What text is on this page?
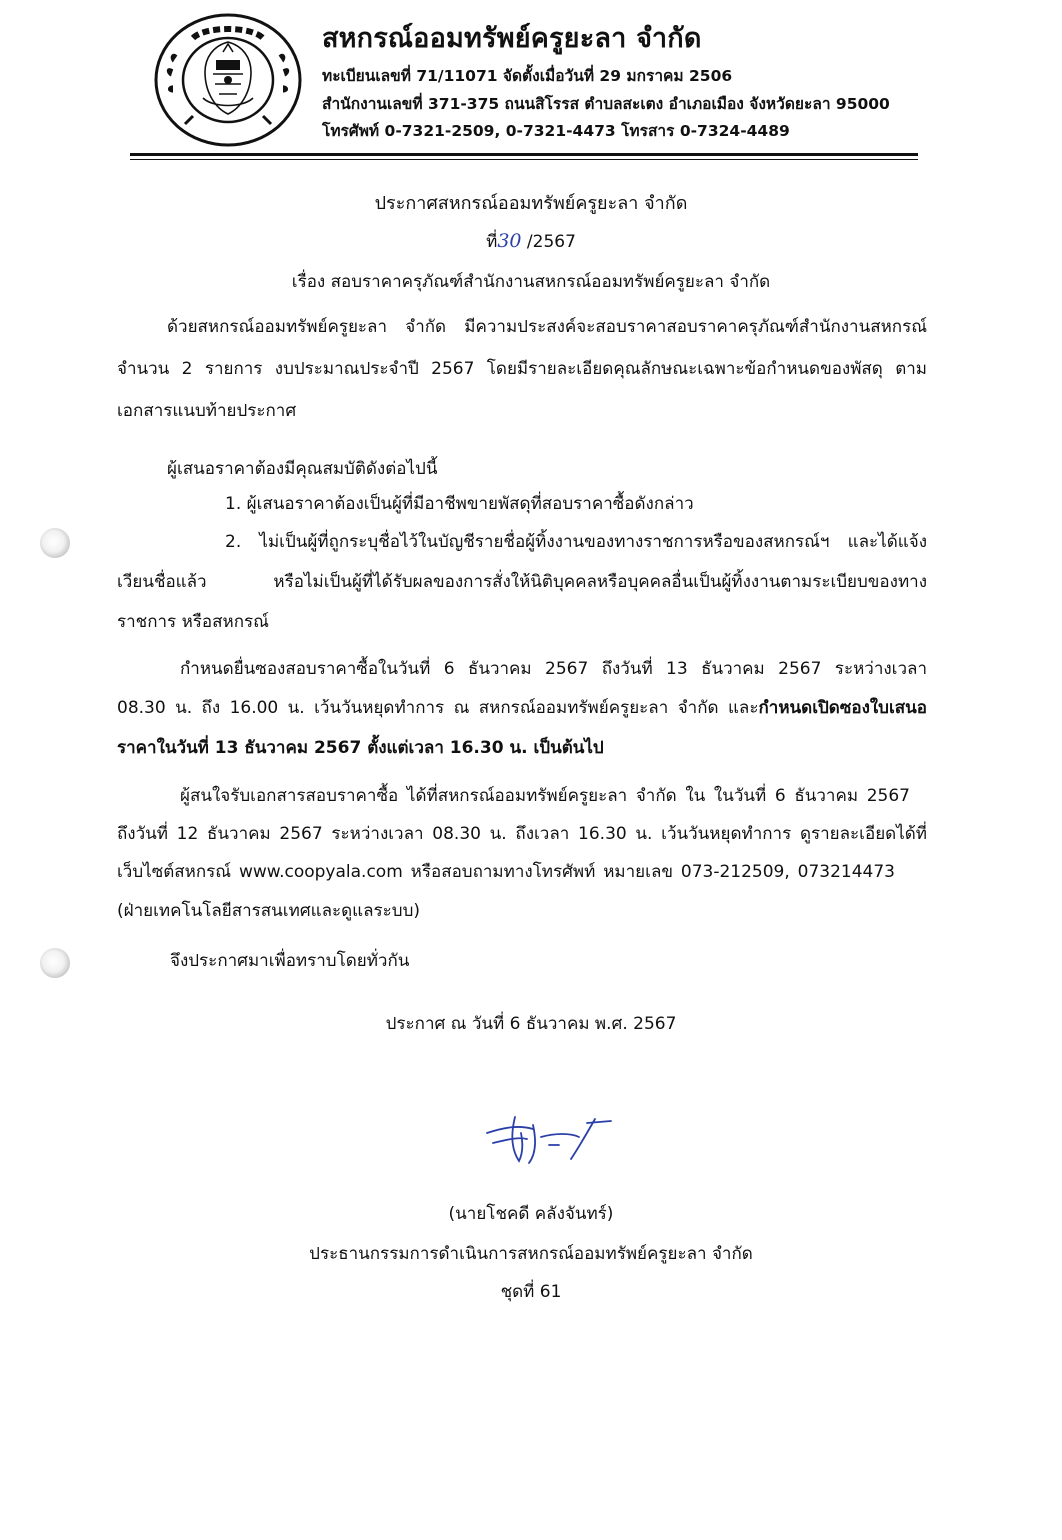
สหกรณ์ออมทรัพย์ครูยะลา จำกัด
ทะเบียนเลขที่ 71/11071 จัดตั้งเมื่อวันที่ 29 มกราคม 2506
สำนักงานเลขที่ 371-375 ถนนสิโรรส ตำบลสะเตง อำเภอเมือง จังหวัดยะลา 95000
โทรศัพท์ 0-7321-2509, 0-7321-4473 โทรสาร 0-7324-4489
ประกาศสหกรณ์ออมทรัพย์ครูยะลา จำกัด
ที่30 /2567
เรื่อง สอบราคาครุภัณฑ์สำนักงานสหกรณ์ออมทรัพย์ครูยะลา จำกัด
ด้วยสหกรณ์ออมทรัพย์ครูยะลา จำกัด มีความประสงค์จะสอบราคาสอบราคาครุภัณฑ์สำนักงานสหกรณ์
จำนวน 2 รายการ งบประมาณประจำปี 2567 โดยมีรายละเอียดคุณลักษณะเฉพาะข้อกำหนดของพัสดุ ตาม
เอกสารแนบท้ายประกาศ
ผู้เสนอราคาต้องมีคุณสมบัติดังต่อไปนี้
1. ผู้เสนอราคาต้องเป็นผู้ที่มีอาชีพขายพัสดุที่สอบราคาซื้อดังกล่าว
2. ไม่เป็นผู้ที่ถูกระบุชื่อไว้ในบัญชีรายชื่อผู้ทิ้งงานของทางราชการหรือของสหกรณ์ฯ และได้แจ้ง
เวียนชื่อแล้ว หรือไม่เป็นผู้ที่ได้รับผลของการสั่งให้นิติบุคคลหรือบุคคลอื่นเป็นผู้ทิ้งงานตามระเบียบของทาง
ราชการ หรือสหกรณ์
กำหนดยื่นซองสอบราคาซื้อในวันที่ 6 ธันวาคม 2567 ถึงวันที่ 13 ธันวาคม 2567 ระหว่างเวลา
08.30 น. ถึง 16.00 น. เว้นวันหยุดทำการ ณ สหกรณ์ออมทรัพย์ครูยะลา จำกัด และกำหนดเปิดซองใบเสนอ
ราคาในวันที่ 13 ธันวาคม 2567 ตั้งแต่เวลา 16.30 น. เป็นต้นไป
ผู้สนใจรับเอกสารสอบราคาซื้อ ได้ที่สหกรณ์ออมทรัพย์ครูยะลา จำกัด ใน ในวันที่ 6 ธันวาคม 2567
ถึงวันที่ 12 ธันวาคม 2567 ระหว่างเวลา 08.30 น. ถึงเวลา 16.30 น. เว้นวันหยุดทำการ ดูรายละเอียดได้ที่
เว็บไซต์สหกรณ์ www.coopyala.com หรือสอบถามทางโทรศัพท์ หมายเลข 073-212509, 073214473
(ฝ่ายเทคโนโลยีสารสนเทศและดูแลระบบ)
จึงประกาศมาเพื่อทราบโดยทั่วกัน
ประกาศ ณ วันที่ 6 ธันวาคม พ.ศ. 2567
(นายโชคดี คลังจันทร์)
ประธานกรรมการดำเนินการสหกรณ์ออมทรัพย์ครูยะลา จำกัด
ชุดที่ 61
